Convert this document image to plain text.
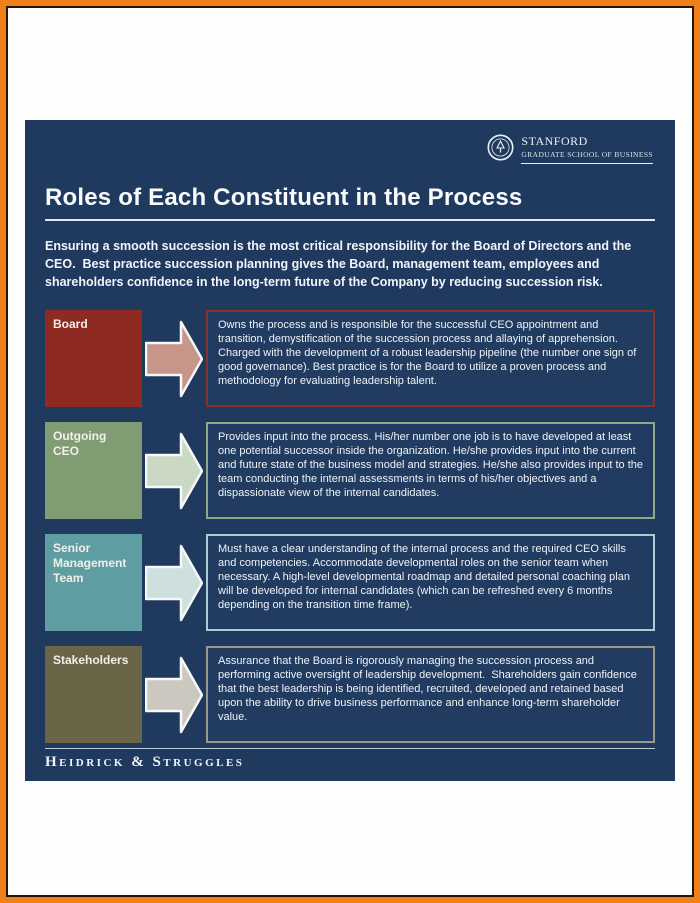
STANFORD
GRADUATE SCHOOL OF BUSINESS
Roles of Each Constituent in the Process

Ensuring a smooth succession is the most critical responsibility for the Board of Directors and the CEO.  Best practice succession planning gives the Board, management team, employees and shareholders confidence in the long-term future of the Company by reducing succession risk.

Board	Owns the process and is responsible for the successful CEO appointment and transition, demystification of the succession process and allaying of apprehension. Charged with the development of a robust leadership pipeline (the number one sign of good governance). Best practice is for the Board to utilize a proven process and methodology for evaluating leadership talent.
Outgoing CEO
Provides input into the process. His/her number one job is to have developed at least one potential successor inside the organization. He/she provides input into the current and future state of the business model and strategies. He/she also provides input to the team conducting the internal assessments in terms of his/her objectives and a dispassionate view of the internal candidates.
Senior Management Team
Must have a clear understanding of the internal process and the required CEO skills and competencies. Accommodate developmental roles on the senior team when necessary. A high-level developmental roadmap and detailed personal coaching plan will be developed for internal candidates (which can be refreshed every 6 months depending on the transition time frame).
Stakeholders	Assurance that the Board is rigorously managing the succession process and performing active oversight of leadership development.  Shareholders gain confidence that the best leadership is being identified, recruited, developed and retained based upon the ability to drive business performance and enhance long-term shareholder value.
Heidrick & Struggles
